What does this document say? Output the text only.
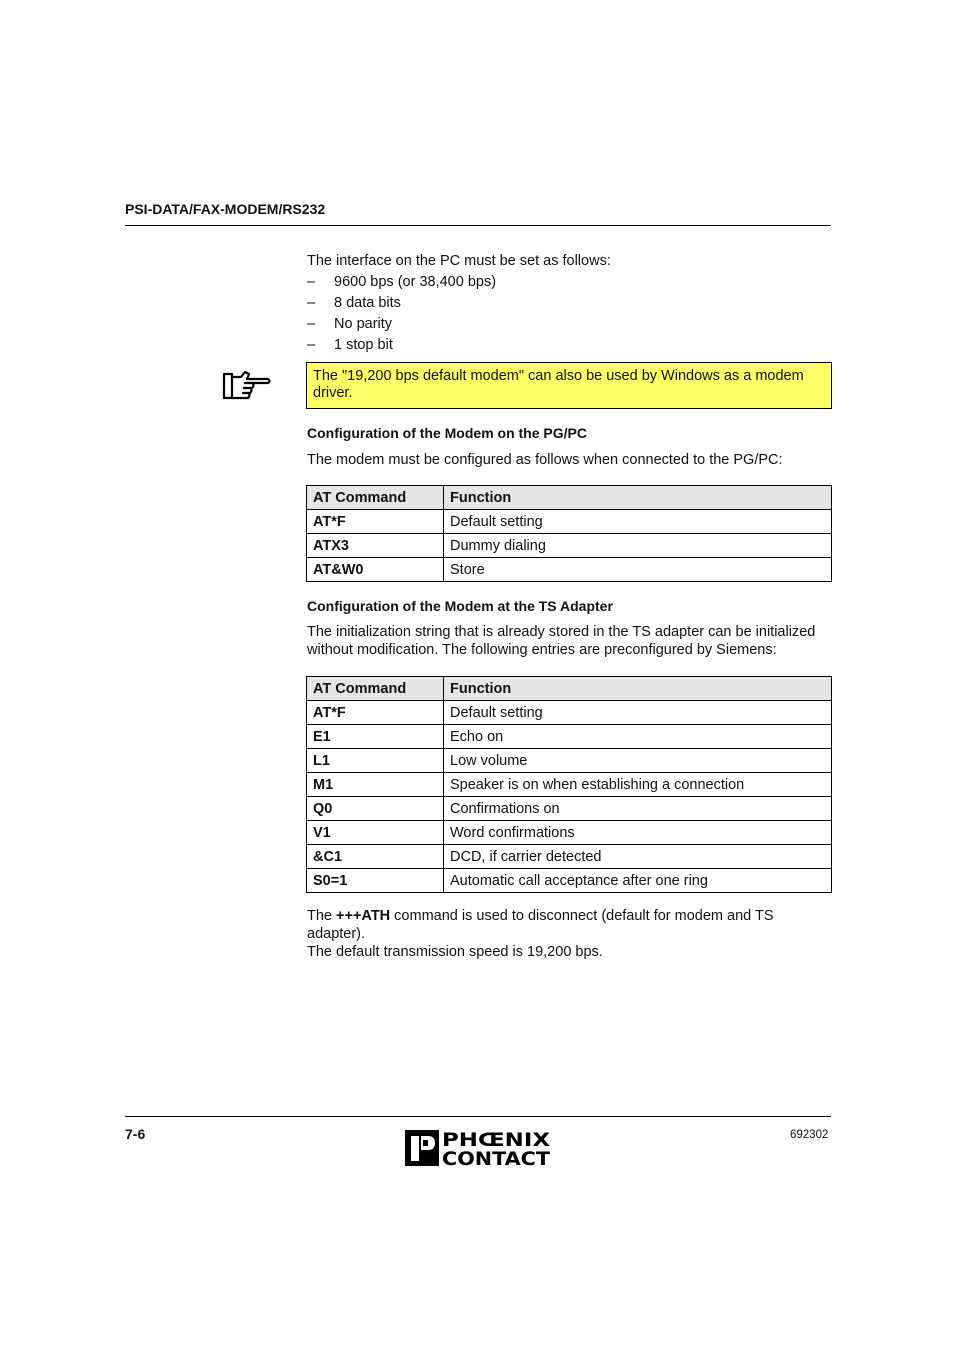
PSI-DATA/FAX-MODEM/RS232
The interface on the PC must be set as follows:
– 9600 bps (or 38,400 bps)
– 8 data bits
– No parity
– 1 stop bit
The "19,200 bps default modem" can also be used by Windows as a modem driver.
Configuration of the Modem on the PG/PC
The modem must be configured as follows when connected to the PG/PC:
AT Command	Function
AT*F	Default setting
ATX3	Dummy dialing
AT&W0	Store
Configuration of the Modem at the TS Adapter
The initialization string that is already stored in the TS adapter can be initialized without modification. The following entries are preconfigured by Siemens:
AT Command	Function
AT*F	Default setting
E1	Echo on
L1	Low volume
M1	Speaker is on when establishing a connection
Q0	Confirmations on
V1	Word confirmations
&C1	DCD, if carrier detected
S0=1	Automatic call acceptance after one ring
The +++ATH command is used to disconnect (default for modem and TS adapter).
The default transmission speed is 19,200 bps.
7-6	PHŒNIX
CONTACT
692302
